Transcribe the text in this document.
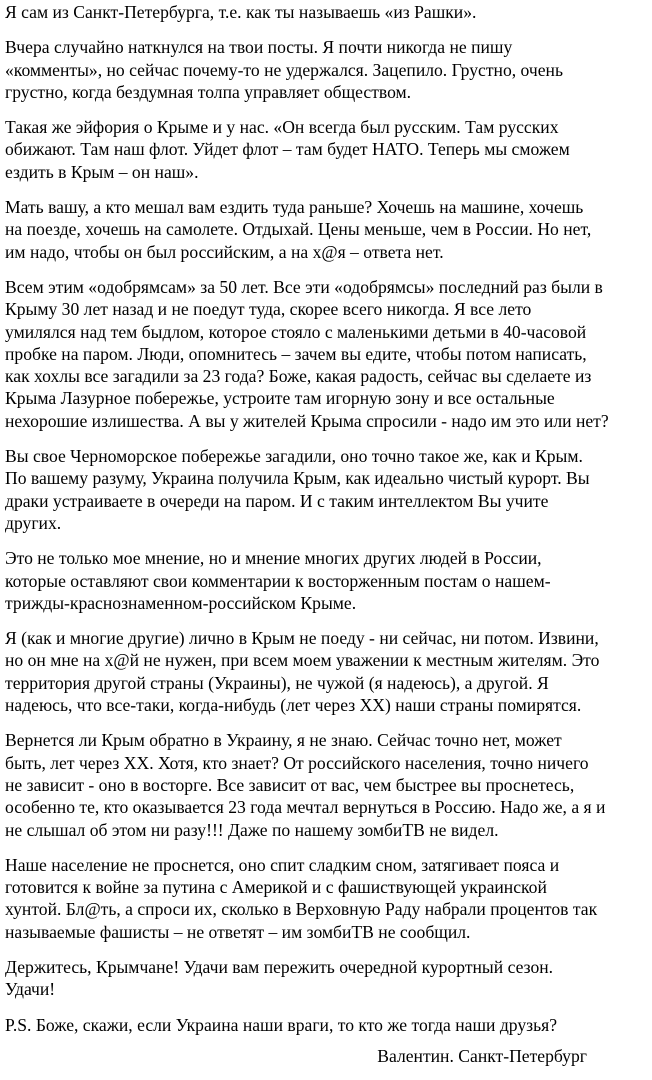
Я сам из Санкт-Петербурга, т.е. как ты называешь «из Рашки».

Вчера случайно наткнулся на твои посты. Я почти никогда не пишу
«комменты», но сейчас почему-то не удержался. Зацепило. Грустно, очень
грустно, когда бездумная толпа управляет обществом.

Такая же эйфория о Крыме и у нас. «Он всегда был русским. Там русских
обижают. Там наш флот. Уйдет флот – там будет НАТО. Теперь мы сможем
ездить в Крым – он наш».

Мать вашу, а кто мешал вам ездить туда раньше? Хочешь на машине, хочешь
на поезде, хочешь на самолете. Отдыхай. Цены меньше, чем в России. Но нет,
им надо, чтобы он был российским, а на х@я – ответа нет.

Всем этим «одобрямсам» за 50 лет. Все эти «одобрямсы» последний раз были в
Крыму 30 лет назад и не поедут туда, скорее всего никогда. Я все лето
умилялся над тем быдлом, которое стояло с маленькими детьми в 40-часовой
пробке на паром. Люди, опомнитесь – зачем вы едите, чтобы потом написать,
как хохлы все загадили за 23 года? Боже, какая радость, сейчас вы сделаете из
Крыма Лазурное побережье, устроите там игорную зону и все остальные
нехорошие излишества. А вы у жителей Крыма спросили - надо им это или нет?

Вы свое Черноморское побережье загадили, оно точно такое же, как и Крым.
По вашему разуму, Украина получила Крым, как идеально чистый курорт. Вы
драки устраиваете в очереди на паром. И с таким интеллектом Вы учите
других.

Это не только мое мнение, но и мнение многих других людей в России,
которые оставляют свои комментарии к восторженным постам о нашем-
трижды-краснознаменном-российском Крыме.

Я (как и многие другие) лично в Крым не поеду - ни сейчас, ни потом. Извини,
но он мне на х@й не нужен, при всем моем уважении к местным жителям. Это
территория другой страны (Украины), не чужой (я надеюсь), а другой. Я
надеюсь, что все-таки, когда-нибудь (лет через ХХ) наши страны помирятся.

Вернется ли Крым обратно в Украину, я не знаю. Сейчас точно нет, может
быть, лет через ХХ. Хотя, кто знает? От российского населения, точно ничего
не зависит - оно в восторге. Все зависит от вас, чем быстрее вы проснетесь,
особенно те, кто оказывается 23 года мечтал вернуться в Россию. Надо же, а я и
не слышал об этом ни разу!!! Даже по нашему зомбиТВ не видел.

Наше население не проснется, оно спит сладким сном, затягивает пояса и
готовится к войне за путина с Америкой и с фашиствующей украинской
хунтой. Бл@ть, а спроси их, сколько в Верховную Раду набрали процентов так
называемые фашисты – не ответят – им зомбиТВ не сообщил.

Держитесь, Крымчане! Удачи вам пережить очередной курортный сезон.
Удачи!

P.S. Боже, скажи, если Украина наши враги, то кто же тогда наши друзья?

Валентин. Санкт-Петербург
